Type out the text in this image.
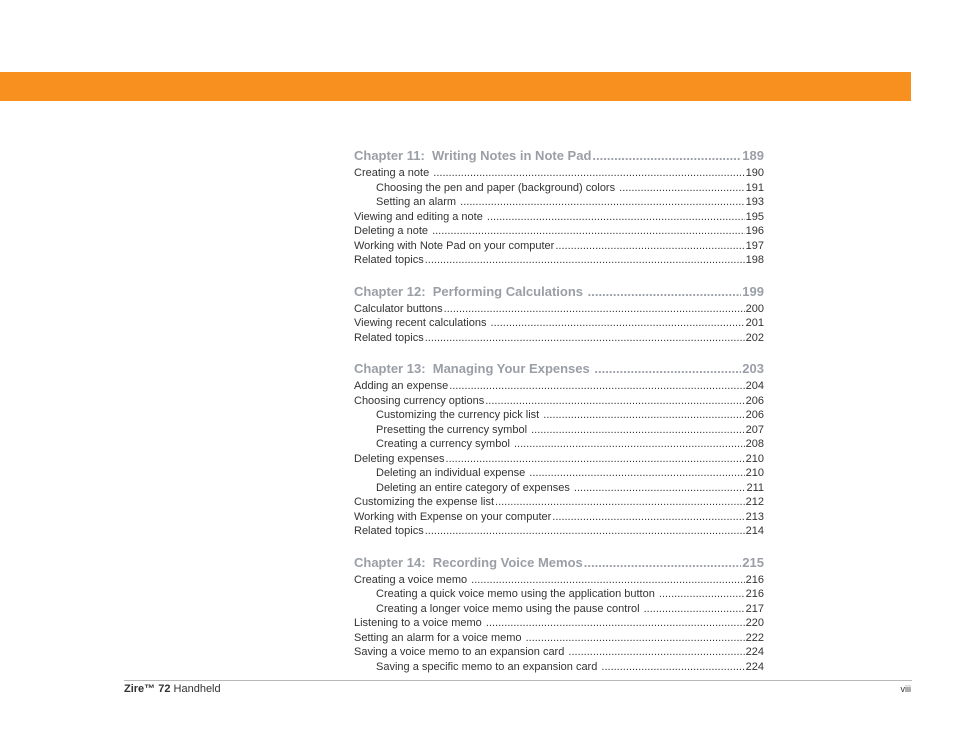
Chapter 11:  Writing Notes in Note Pad .....	189
Creating a note .....	190
Choosing the pen and paper (background) colors .....	191
Setting an alarm .....	193
Viewing and editing a note .....	195
Deleting a note .....	196
Working with Note Pad on your computer .....	197
Related topics .....	198
Chapter 12:  Performing Calculations .....	199
Calculator buttons .....	200
Viewing recent calculations .....	201
Related topics .....	202
Chapter 13:  Managing Your Expenses .....	203
Adding an expense .....	204
Choosing currency options .....	206
Customizing the currency pick list .....	206
Presetting the currency symbol .....	207
Creating a currency symbol .....	208
Deleting expenses .....	210
Deleting an individual expense .....	210
Deleting an entire category of expenses .....	211
Customizing the expense list .....	212
Working with Expense on your computer .....	213
Related topics .....	214
Chapter 14:  Recording Voice Memos .....	215
Creating a voice memo .....	216
Creating a quick voice memo using the application button .....	216
Creating a longer voice memo using the pause control .....	217
Listening to a voice memo .....	220
Setting an alarm for a voice memo .....	222
Saving a voice memo to an expansion card .....	224
Saving a specific memo to an expansion card .....	224
Zire™ 72 Handheld	viii
